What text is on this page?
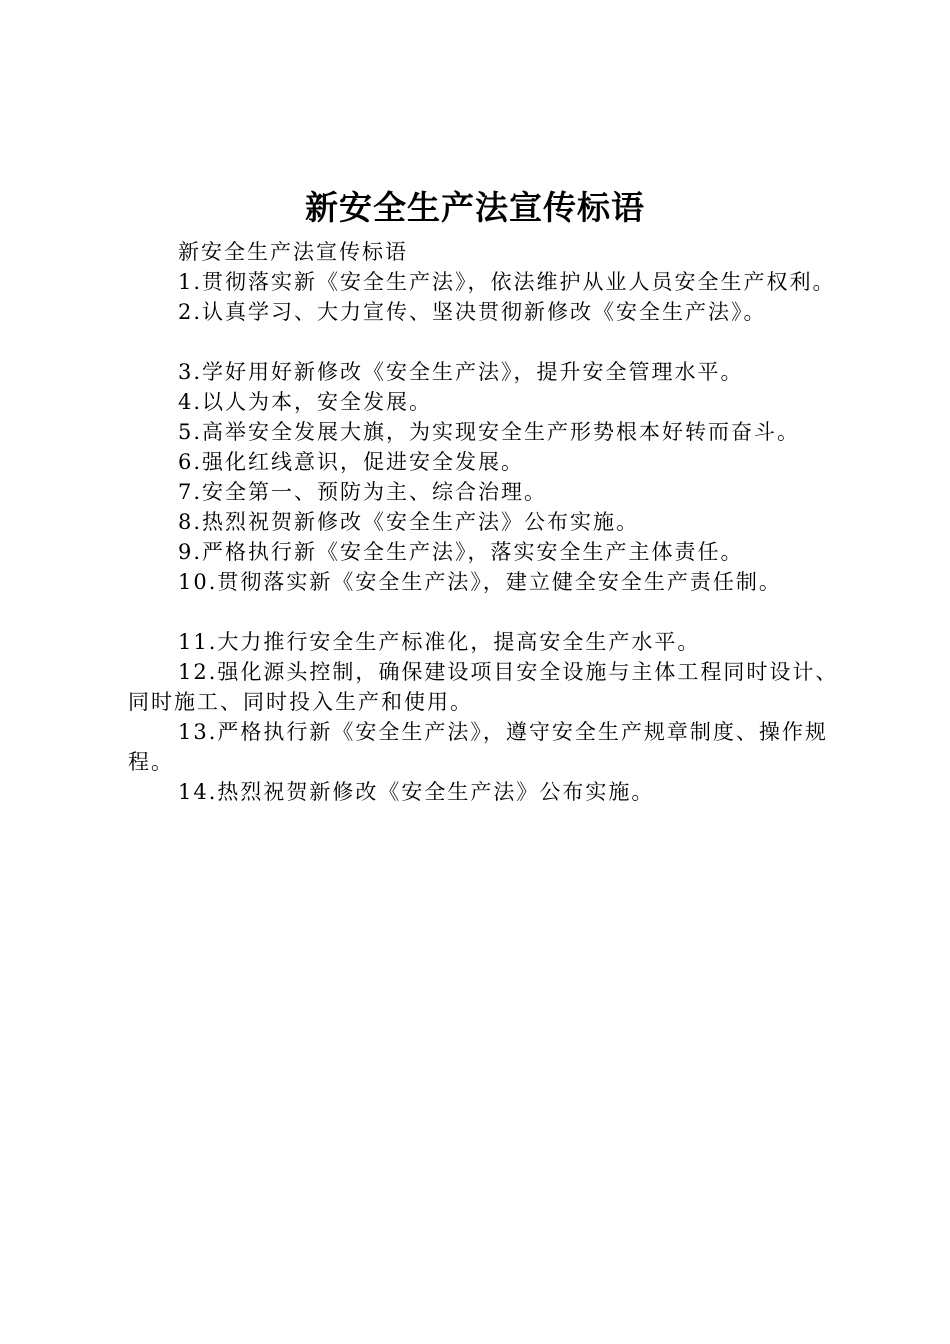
新安全生产法宣传标语

新安全生产法宣传标语

1.贯彻落实新《安全生产法》，依法维护从业人员安全生产权利。

2.认真学习、大力宣传、坚决贯彻新修改《安全生产法》。

3.学好用好新修改《安全生产法》，提升安全管理水平。

4.以人为本，安全发展。

5.高举安全发展大旗，为实现安全生产形势根本好转而奋斗。

6.强化红线意识，促进安全发展。

7.安全第一、预防为主、综合治理。

8.热烈祝贺新修改《安全生产法》公布实施。

9.严格执行新《安全生产法》，落实安全生产主体责任。

10.贯彻落实新《安全生产法》，建立健全安全生产责任制。

11.大力推行安全生产标准化，提高安全生产水平。

12.强化源头控制，确保建设项目安全设施与主体工程同时设计、同时施工、同时投入生产和使用。

13.严格执行新《安全生产法》，遵守安全生产规章制度、操作规程。

14.热烈祝贺新修改《安全生产法》公布实施。
